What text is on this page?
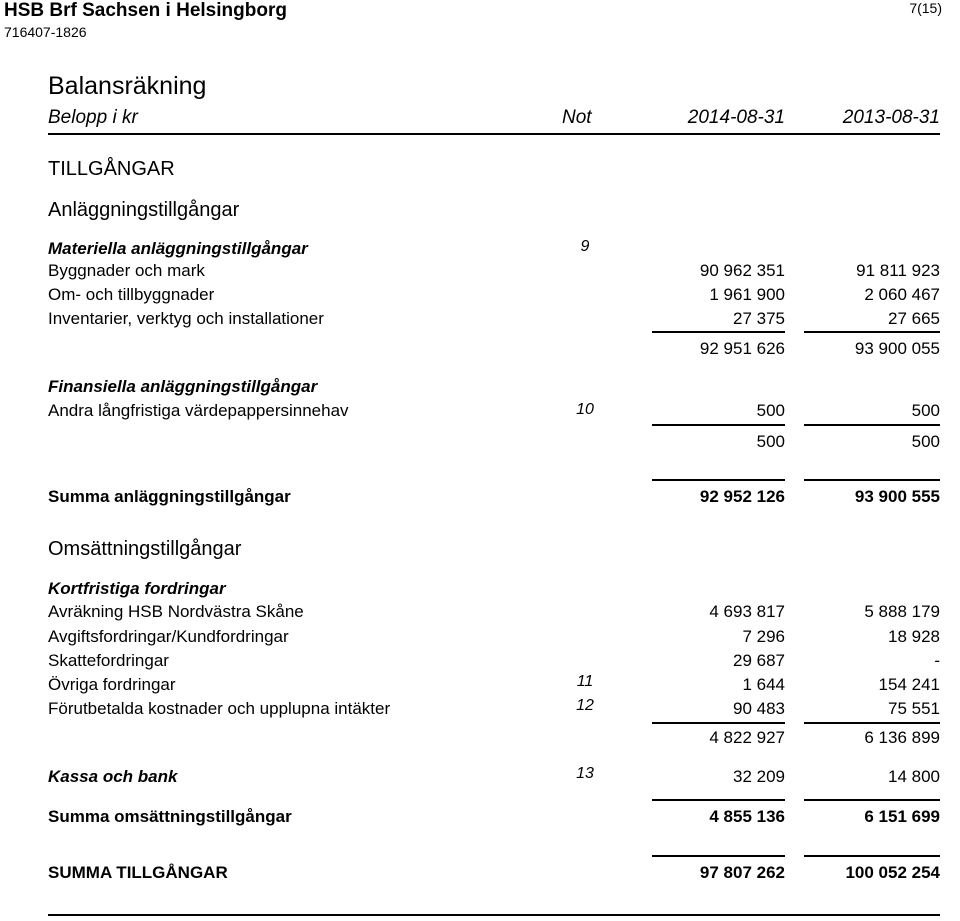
HSB Brf Sachsen i Helsingborg
716407-1826
7(15)
Balansräkning
Belopp i kr	Not	2014-08-31	2013-08-31
TILLGÅNGAR
Anläggningstillgångar
Materiella anläggningstillgångar	9
Byggnader och mark	90 962 351	91 811 923
Om- och tillbyggnader	1 961 900	2 060 467
Inventarier, verktyg och installationer	27 375	27 665
92 951 626	93 900 055
Finansiella anläggningstillgångar
Andra långfristiga värdepappersinnehav	10	500	500
500	500
Summa anläggningstillgångar	92 952 126	93 900 555
Omsättningstillgångar
Kortfristiga fordringar
Avräkning HSB Nordvästra Skåne	4 693 817	5 888 179
Avgiftsfordringar/Kundfordringar	7 296	18 928
Skattefordringar	29 687	-
Övriga fordringar	11	1 644	154 241
Förutbetalda kostnader och upplupna intäkter	12	90 483	75 551
4 822 927	6 136 899
Kassa och bank	13	32 209	14 800
Summa omsättningstillgångar	4 855 136	6 151 699
SUMMA TILLGÅNGAR	97 807 262	100 052 254
